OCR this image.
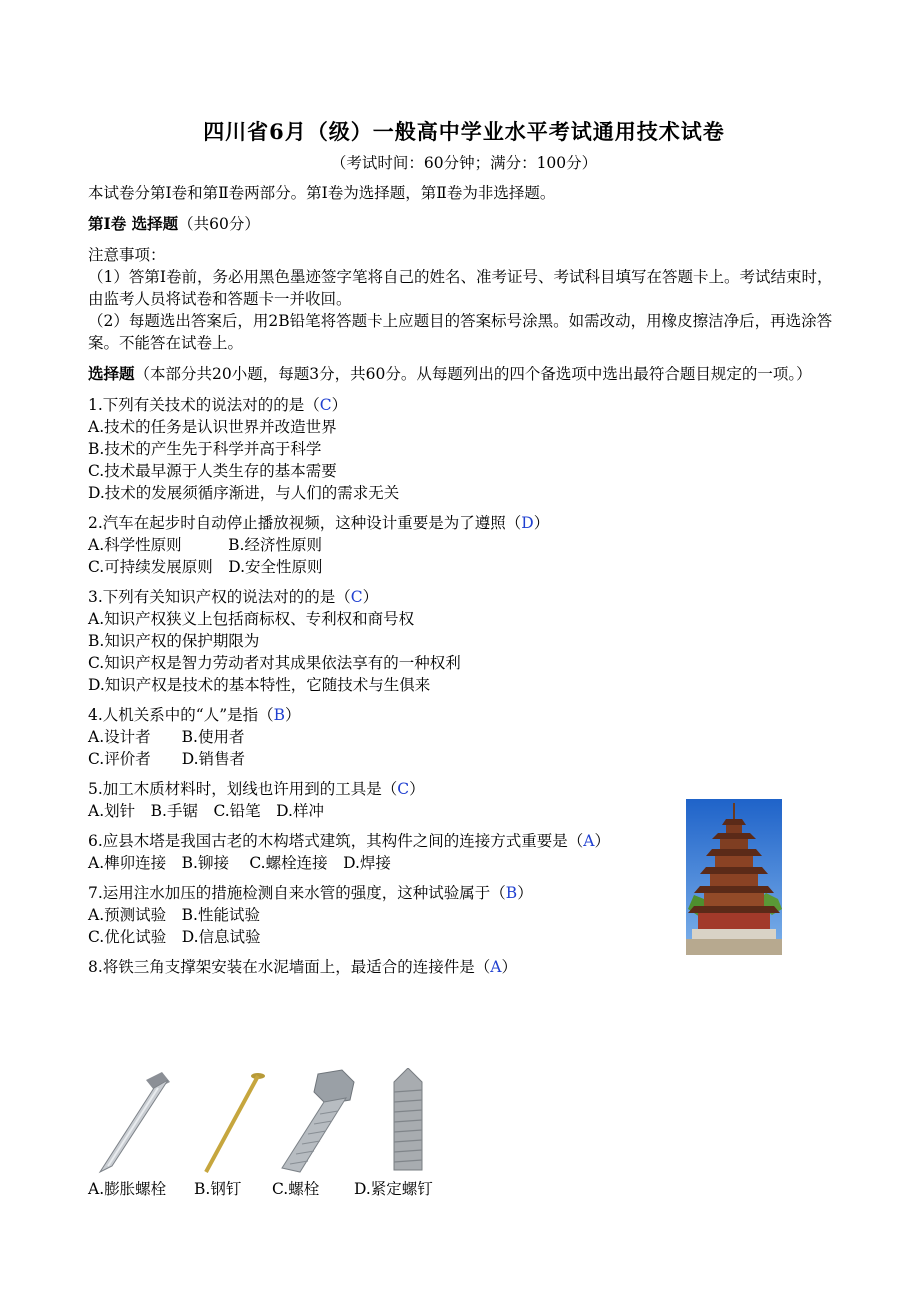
四川省6月（级）一般高中学业水平考试通用技术试卷
（考试时间：60分钟；满分：100分）
本试卷分第Ⅰ卷和第Ⅱ卷两部分。第Ⅰ卷为选择题，第Ⅱ卷为非选择题。
第Ⅰ卷 选择题（共60分）
注意事项：
（1）答第Ⅰ卷前，务必用黑色墨迹签字笔将自己的姓名、准考证号、考试科目填写在答题卡上。考试结束时，由监考人员将试卷和答题卡一并收回。
（2）每题选出答案后，用2B铅笔将答题卡上应题目的答案标号涂黑。如需改动，用橡皮擦洁净后，再选涂答案。不能答在试卷上。
选择题（本部分共20小题，每题3分，共60分。从每题列出的四个备选项中选出最符合题目规定的一项。）
1.下列有关技术的说法对的的是（C）
A.技术的任务是认识世界并改造世界
B.技术的产生先于科学并高于科学
C.技术最早源于人类生存的基本需要
D.技术的发展须循序渐进，与人们的需求无关
2.汽车在起步时自动停止播放视频，这种设计重要是为了遵照（D）
A.科学性原则　　　B.经济性原则
C.可持续发展原则　D.安全性原则
3.下列有关知识产权的说法对的的是（C）
A.知识产权狭义上包括商标权、专利权和商号权
B.知识产权的保护期限为
C.知识产权是智力劳动者对其成果依法享有的一种权利
D.知识产权是技术的基本特性，它随技术与生俱来
4.人机关系中的“人”是指（B）
A.设计者　　B.使用者
C.评价者　　D.销售者
5.加工木质材料时，划线也许用到的工具是（C）
A.划针　B.手锯　C.铅笔　D.样冲
6.应县木塔是我国古老的木构塔式建筑，其构件之间的连接方式重要是（A）
A.榫卯连接　B.铆接　 C.螺栓连接　D.焊接
7.运用注水加压的措施检测自来水管的强度，这种试验属于（B）
A.预测试验　B.性能试验
C.优化试验　D.信息试验
8.将铁三角支撑架安装在水泥墙面上，最适合的连接件是（A）
A.膨胀螺栓 B.钢钉 C.螺栓 D.紧定螺钉
